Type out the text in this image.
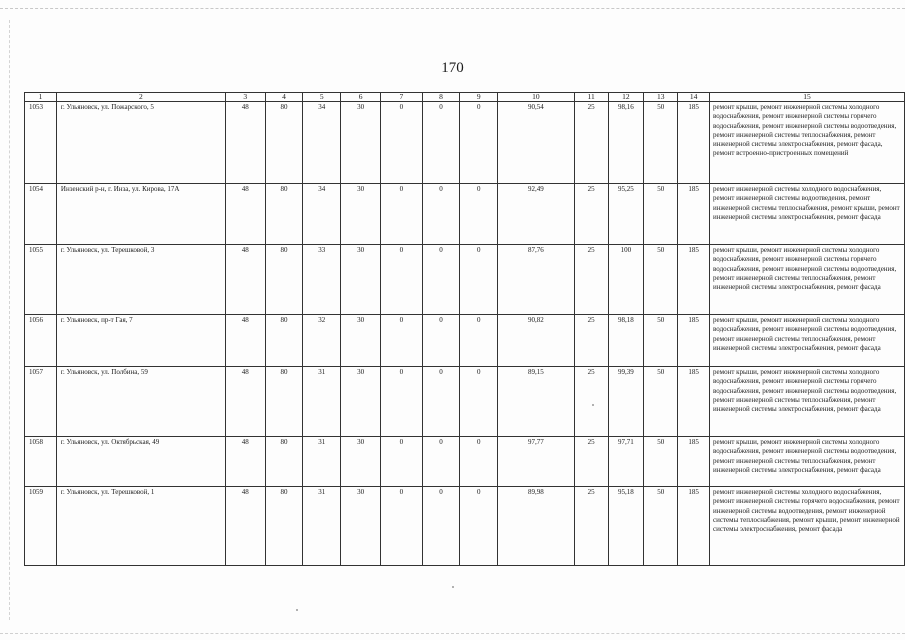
170
1	2	3	4	5	6	7	8	9	10	11	12	13	14	15
1053	г. Ульяновск, ул. Пожарского, 5	48	80	34	30	0	0	0	90,54	25	98,16	50	185	ремонт крыши, ремонт инженерной системы холодного водоснабжения, ремонт инженерной системы горячего водоснабжения, ремонт инженерной системы водоотведения, ремонт инженерной системы теплоснабжения, ремонт инженерной системы электроснабжения, ремонт фасада, ремонт встроенно-пристроенных помещений
1054	Инзенский р-н, г. Инза, ул. Кирова, 17А	48	80	34	30	0	0	0	92,49	25	95,25	50	185	ремонт инженерной системы холодного водоснабжения, ремонт инженерной системы водоотведения, ремонт инженерной системы теплоснабжения, ремонт крыши, ремонт инженерной системы электроснабжения, ремонт фасада
1055	г. Ульяновск, ул. Терешковой, 3	48	80	33	30	0	0	0	87,76	25	100	50	185	ремонт крыши, ремонт инженерной системы холодного водоснабжения, ремонт инженерной системы горячего водоснабжения, ремонт инженерной системы водоотведения, ремонт инженерной системы теплоснабжения, ремонт инженерной системы электроснабжения, ремонт фасада
1056	г. Ульяновск, пр-т Гая, 7	48	80	32	30	0	0	0	90,82	25	98,18	50	185	ремонт крыши, ремонт инженерной системы холодного водоснабжения, ремонт инженерной системы водоотведения, ремонт инженерной системы теплоснабжения, ремонт инженерной системы электроснабжения, ремонт фасада
1057	г. Ульяновск, ул. Полбина, 59	48	80	31	30	0	0	0	89,15	25	99,39	50	185	ремонт крыши, ремонт инженерной системы холодного водоснабжения, ремонт инженерной системы горячего водоснабжения, ремонт инженерной системы водоотведения, ремонт инженерной системы теплоснабжения, ремонт инженерной системы электроснабжения, ремонт фасада
1058	г. Ульяновск, ул. Октябрьская, 49	48	80	31	30	0	0	0	97,77	25	97,71	50	185	ремонт крыши, ремонт инженерной системы холодного водоснабжения, ремонт инженерной системы водоотведения, ремонт инженерной системы теплоснабжения, ремонт инженерной системы электроснабжения, ремонт фасада
1059	г. Ульяновск, ул. Терешковой, 1	48	80	31	30	0	0	0	89,98	25	95,18	50	185	ремонт инженерной системы холодного водоснабжения, ремонт инженерной системы горячего водоснабжения, ремонт инженерной системы водоотведения, ремонт инженерной системы теплоснабжения, ремонт крыши, ремонт инженерной системы электроснабжения, ремонт фасада
